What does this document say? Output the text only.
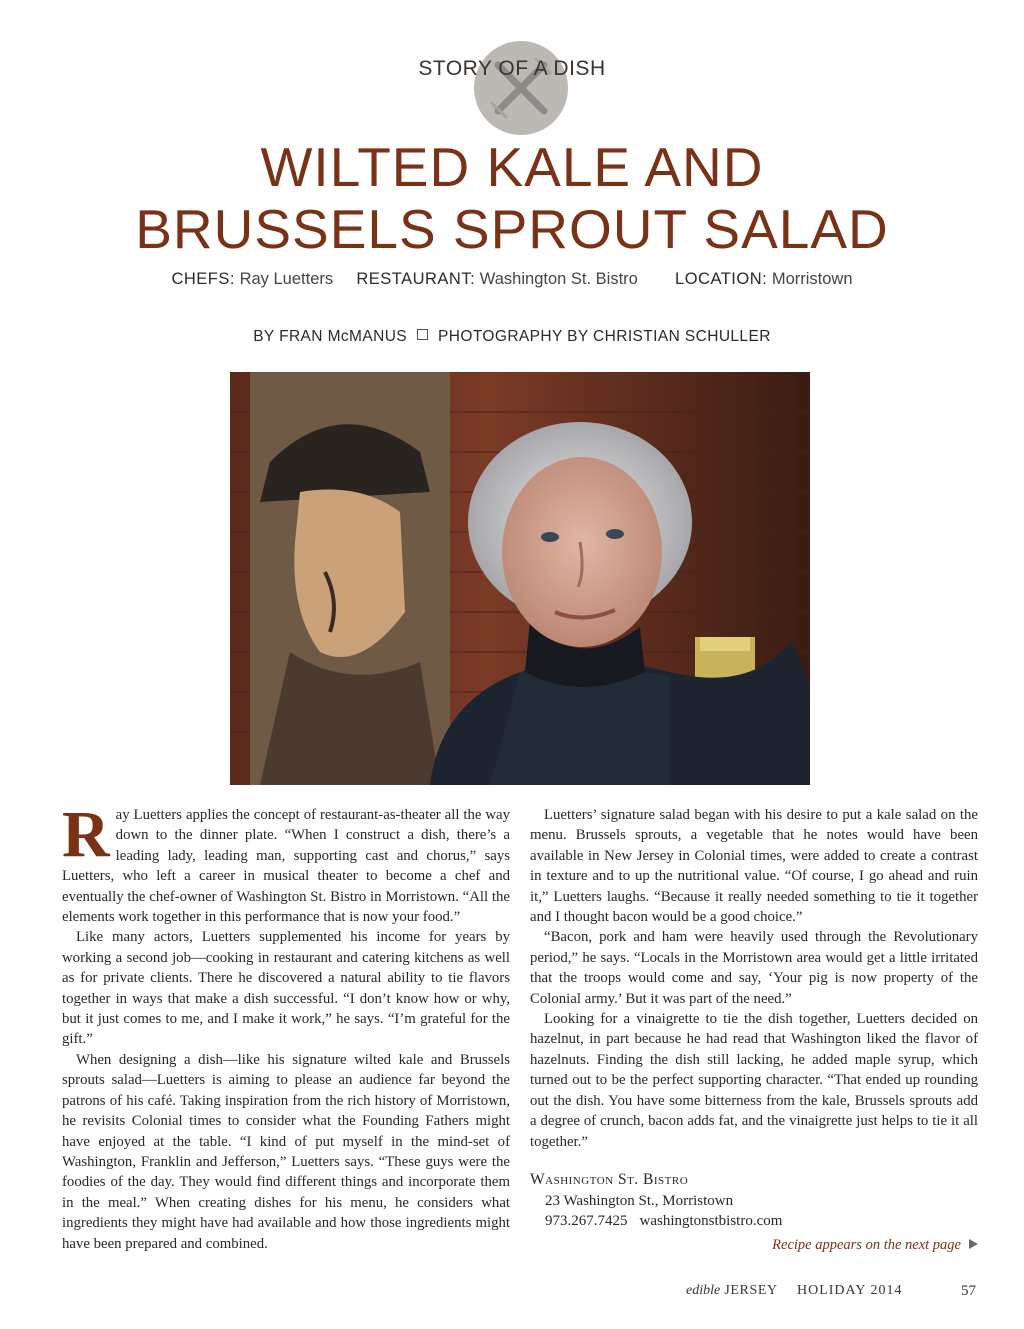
STORY OF A DISH
WILTED KALE AND
BRUSSELS SPROUT SALAD
CHEFS: Ray Luetters RESTAURANT: Washington St. Bistro LOCATION: Morristown
BY FRAN McMANUS PHOTOGRAPHY BY CHRISTIAN SCHULLER

Ray Luetters applies the concept of restaurant-as-theater all the way down to the dinner plate. “When I construct a dish, there’s a leading lady, leading man, supporting cast and chorus,” says Luetters, who left a career in musical theater to become a chef and eventually the chef-owner of Washington St. Bistro in Morristown. “All the elements work together in this performance that is now your food.”

Like many actors, Luetters supplemented his income for years by working a second job—cooking in restaurant and catering kitchens as well as for private clients. There he discovered a natural ability to tie flavors together in ways that make a dish successful. “I don’t know how or why, but it just comes to me, and I make it work,” he says. “I’m grateful for the gift.”

When designing a dish—like his signature wilted kale and Brussels sprouts salad—Luetters is aiming to please an audience far beyond the patrons of his café. Taking inspiration from the rich history of Morristown, he revisits Colonial times to consider what the Founding Fathers might have enjoyed at the table. “I kind of put myself in the mind-set of Washington, Franklin and Jefferson,” Luetters says. “These guys were the foodies of the day. They would find different things and incorporate them in the meal.” When creating dishes for his menu, he considers what ingredients they might have had available and how those ingredients might have been prepared and combined.

Luetters’ signature salad began with his desire to put a kale salad on the menu. Brussels sprouts, a vegetable that he notes would have been available in New Jersey in Colonial times, were added to create a contrast in texture and to up the nutritional value. “Of course, I go ahead and ruin it,” Luetters laughs. “Because it really needed something to tie it together and I thought bacon would be a good choice.”

“Bacon, pork and ham were heavily used through the Revolutionary period,” he says. “Locals in the Morristown area would get a little irritated that the troops would come and say, ‘Your pig is now property of the Colonial army.’ But it was part of the need.”

Looking for a vinaigrette to tie the dish together, Luetters decided on hazelnut, in part because he had read that Washington liked the flavor of hazelnuts. Finding the dish still lacking, he added maple syrup, which turned out to be the perfect supporting character. “That ended up rounding out the dish. You have some bitterness from the kale, Brussels sprouts add a degree of crunch, bacon adds fat, and the vinaigrette just helps to tie it all together.”

Washington St. Bistro
23 Washington St., Morristown
973.267.7425 washingtonstbistro.com
Recipe appears on the next page
edible JERSEY HOLIDAY 2014	57
